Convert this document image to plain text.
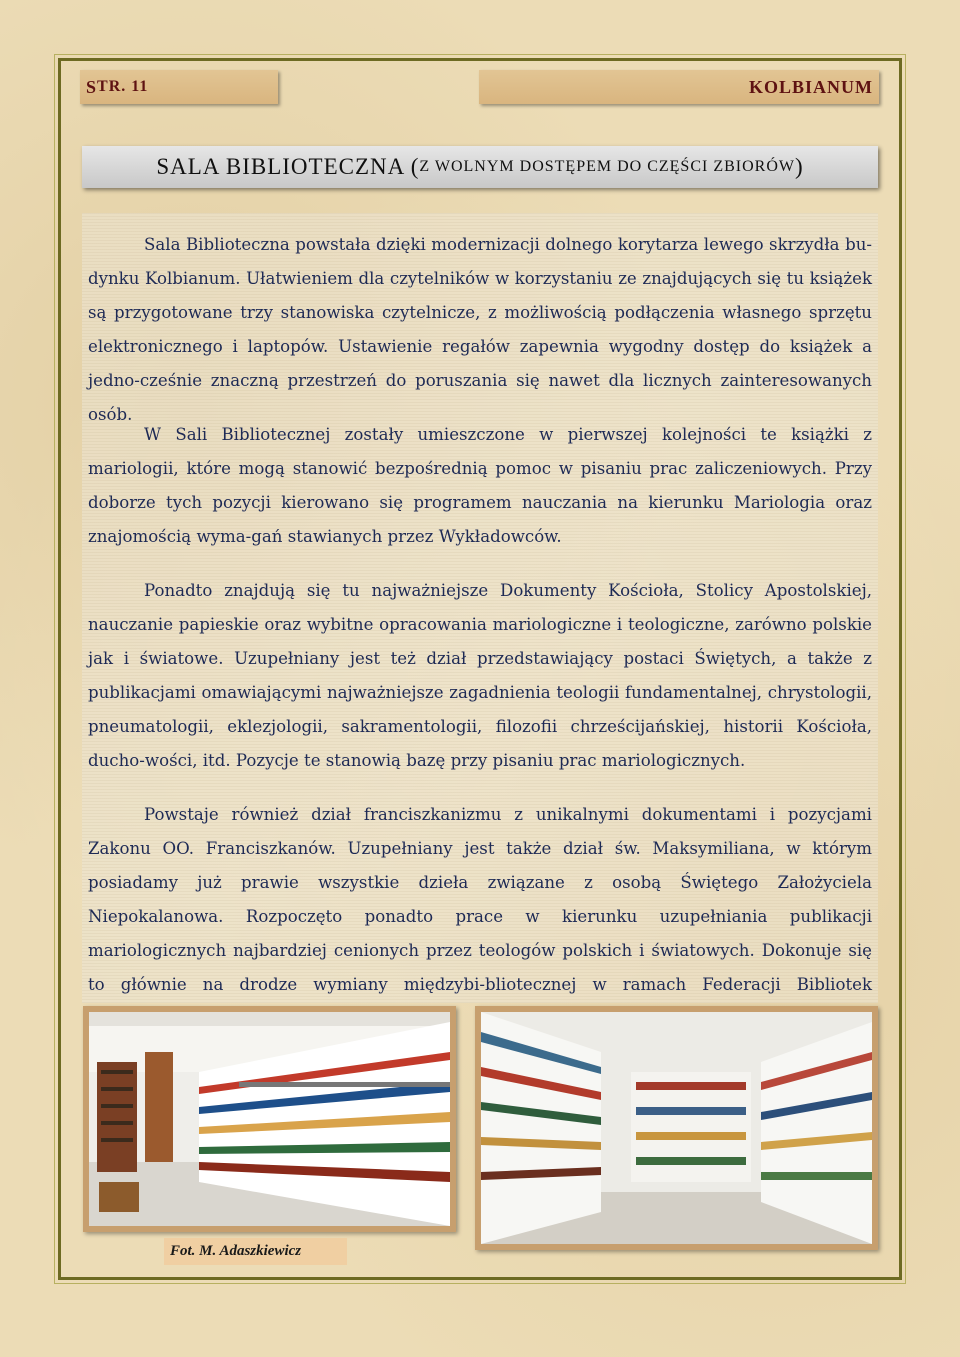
S TR. 11	KOLBIANUM
SALA BIBLIOTECZNA ( Z WOLNYM DOSTĘPEM DO CZĘŚCI ZBIORÓW )

Sala Biblioteczna powstała dzięki modernizacji dolnego korytarza lewego skrzydła bu-dynku Kolbianum. Ułatwieniem dla czytelników w korzystaniu ze znajdujących się tu książek są przygotowane trzy stanowiska czytelnicze, z możliwością podłączenia własnego sprzętu elektronicznego i laptopów. Ustawienie regałów zapewnia wygodny dostęp do książek a jedno-cześnie znaczną przestrzeń do poruszania się nawet dla licznych zainteresowanych osób.

W Sali Bibliotecznej zostały umieszczone w pierwszej kolejności te książki z mariologii, które mogą stanowić bezpośrednią pomoc w pisaniu prac zaliczeniowych. Przy doborze tych pozycji kierowano się programem nauczania na kierunku Mariologia oraz znajomością wyma-gań stawianych przez Wykładowców.

Ponadto znajdują się tu najważniejsze Dokumenty Kościoła, Stolicy Apostolskiej, nauczanie papieskie oraz wybitne opracowania mariologiczne i teologiczne, zarówno polskie jak i światowe. Uzupełniany jest też dział przedstawiający postaci Świętych, a także z publikacjami omawiającymi najważniejsze zagadnienia teologii fundamentalnej, chrystologii, pneumatologii, eklezjologii, sakramentologii, filozofii chrześcijańskiej, historii Kościoła, ducho-wości, itd. Pozycje te stanowią bazę przy pisaniu prac mariologicznych.

Powstaje również dział franciszkanizmu z unikalnymi dokumentami i pozycjami Zakonu OO. Franciszkanów. Uzupełniany jest także dział św. Maksymiliana, w którym posiadamy już prawie wszystkie dzieła związane z osobą Świętego Założyciela Niepokalanowa. Rozpoczęto ponadto prace w kierunku uzupełniania publikacji mariologicznych najbardziej cenionych przez teologów polskich i światowych. Dokonuje się to głównie na drodze wymiany międzybi-bliotecznej w ramach Federacji Bibliotek

Fot. M. Adaszkiewicz
